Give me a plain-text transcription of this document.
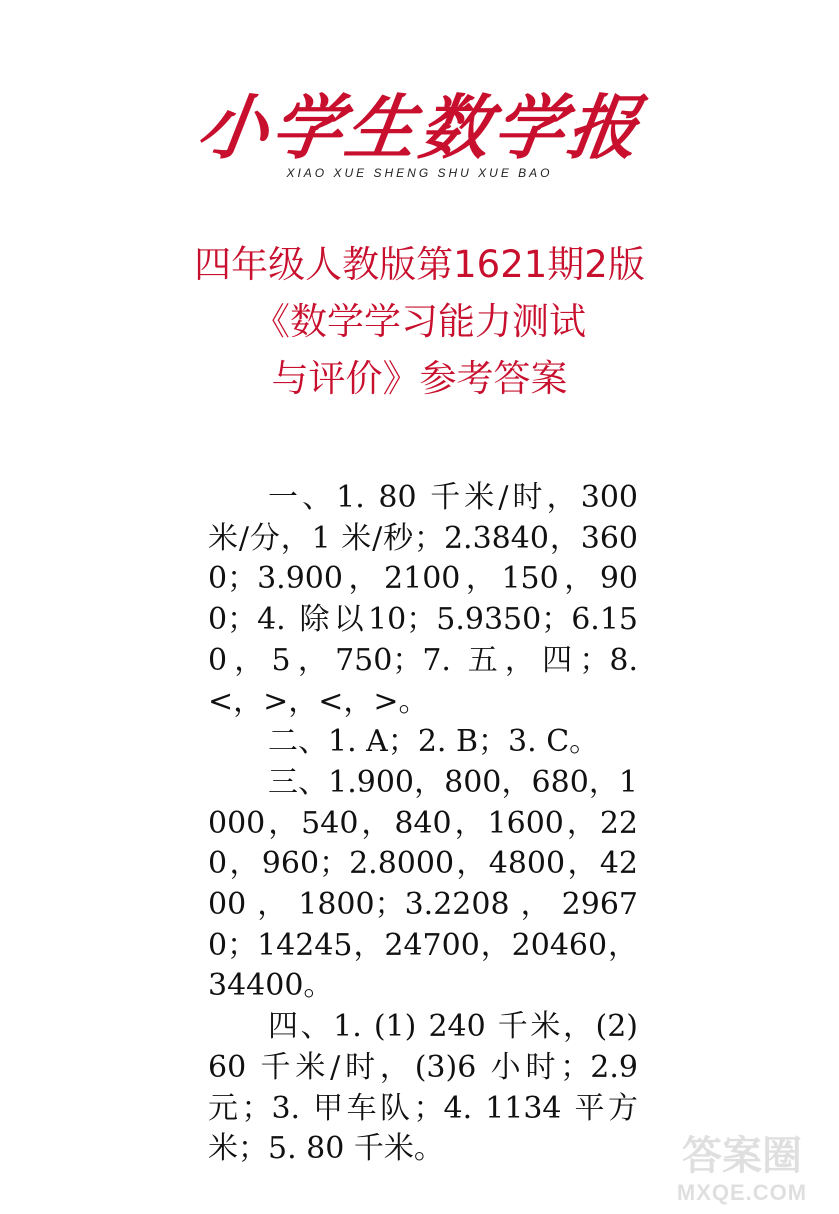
小学生数学报
XIAO XUE SHENG SHU XUE BAO
四年级人教版第1621期2版
《数学学习能力测试
与评价》参考答案

一、1. 80 千米/时，300 米/分，1 米/秒；2.3840，3600；3.900，2100，150，900；4. 除以10；5.9350；6.150，5，750；7. 五，四；8. <，>，<，>。

二、1. A；2. B；3. C。

三、1.900，800，680，1000，540，840，1600，220，960；2.8000，4800，4200，1800；3.2208，29670；14245，24700，20460，34400。

四、1. (1) 240 千米，(2) 60 千米/时，(3)6 小时；2.9 元；3. 甲车队；4. 1134 平方米；5. 80 千米。	答案圈
MXQE.COM
